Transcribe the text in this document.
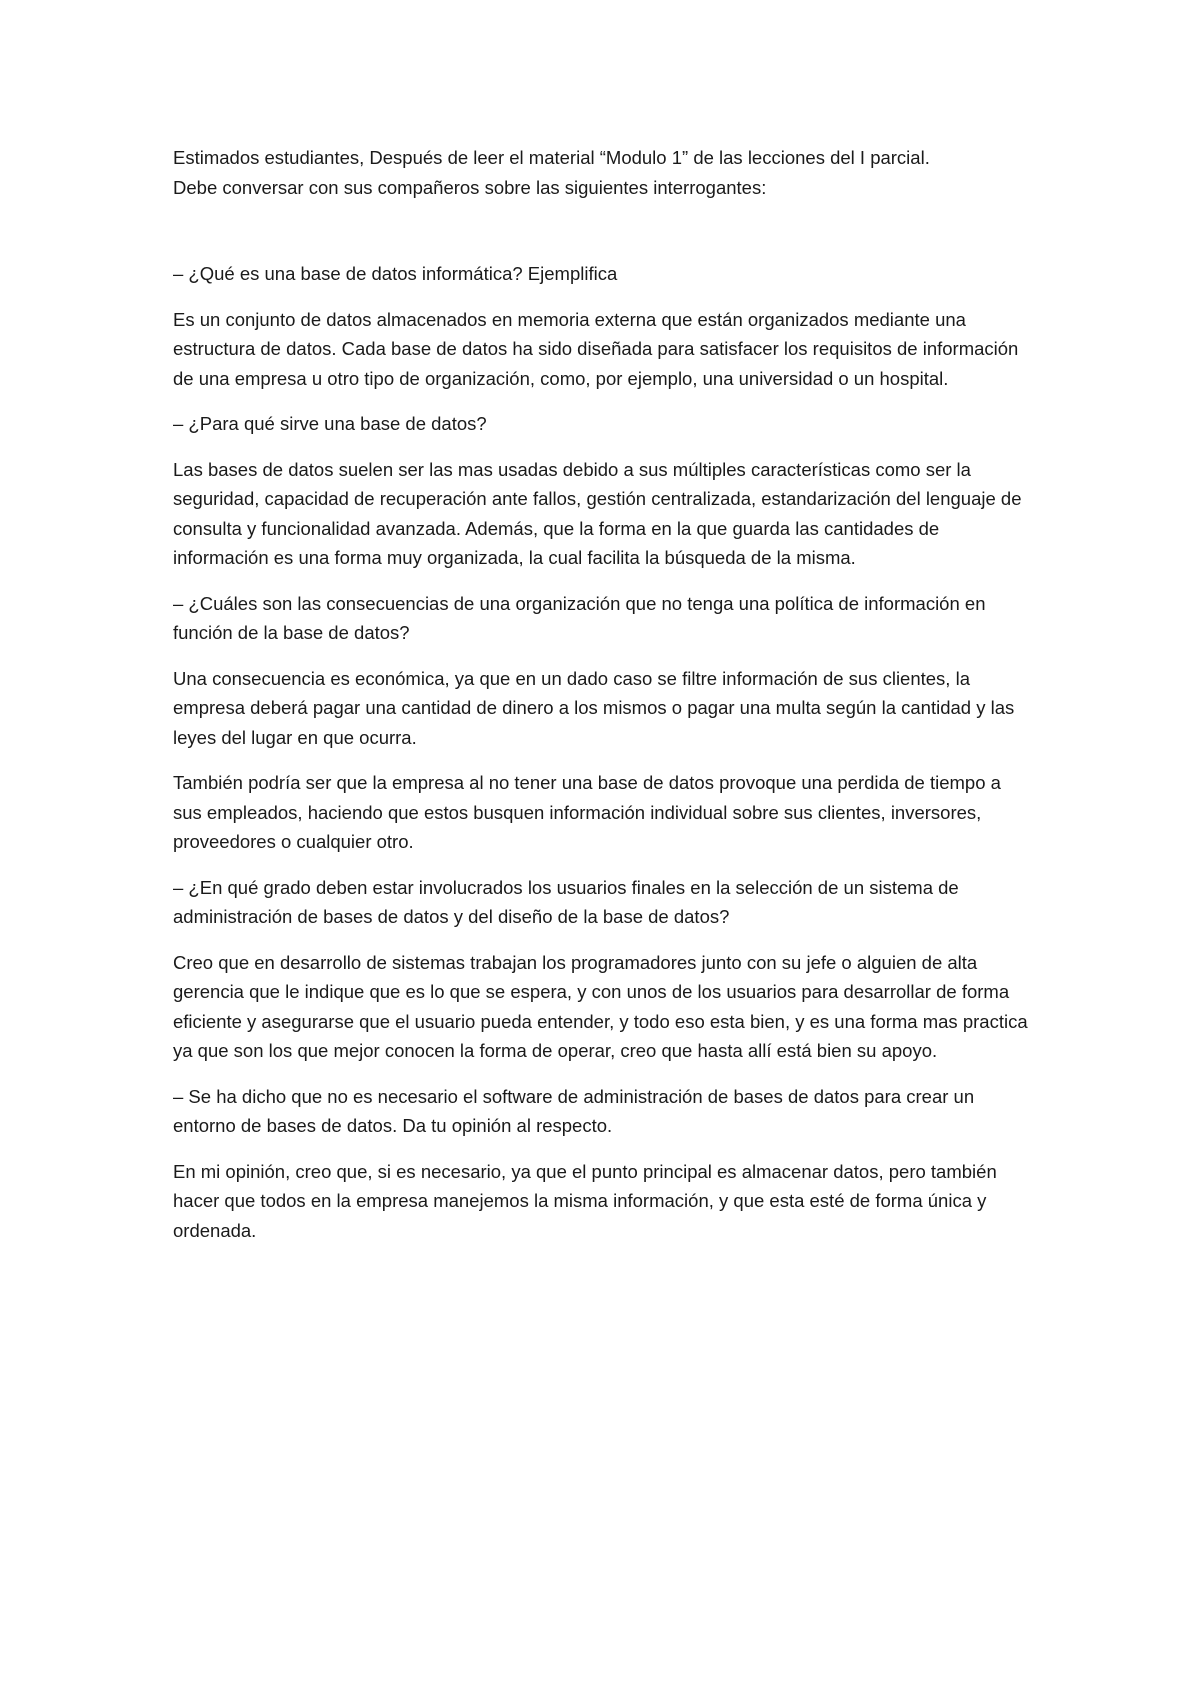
Estimados estudiantes, Después de leer el material “Modulo 1” de las lecciones del I parcial.
Debe conversar con sus compañeros sobre las siguientes interrogantes:

– ¿Qué es una base de datos informática? Ejemplifica

Es un conjunto de datos almacenados en memoria externa que están organizados mediante una estructura de datos. Cada base de datos ha sido diseñada para satisfacer los requisitos de información de una empresa u otro tipo de organización, como, por ejemplo, una universidad o un hospital.

– ¿Para qué sirve una base de datos?

Las bases de datos suelen ser las mas usadas debido a sus múltiples características como ser la seguridad, capacidad de recuperación ante fallos, gestión centralizada, estandarización del lenguaje de consulta y funcionalidad avanzada. Además, que la forma en la que guarda las cantidades de información es una forma muy organizada, la cual facilita la búsqueda de la misma.

– ¿Cuáles son las consecuencias de una organización que no tenga una política de información en función de la base de datos?

Una consecuencia es económica, ya que en un dado caso se filtre información de sus clientes, la empresa deberá pagar una cantidad de dinero a los mismos o pagar una multa según la cantidad y las leyes del lugar en que ocurra.

También podría ser que la empresa al no tener una base de datos provoque una perdida de tiempo a sus empleados, haciendo que estos busquen información individual sobre sus clientes, inversores, proveedores o cualquier otro.

– ¿En qué grado deben estar involucrados los usuarios finales en la selección de un sistema de administración de bases de datos y del diseño de la base de datos?

Creo que en desarrollo de sistemas trabajan los programadores junto con su jefe o alguien de alta gerencia que le indique que es lo que se espera, y con unos de los usuarios para desarrollar de forma eficiente y asegurarse que el usuario pueda entender, y todo eso esta bien, y es una forma mas practica ya que son los que mejor conocen la forma de operar, creo que hasta allí está bien su apoyo.

– Se ha dicho que no es necesario el software de administración de bases de datos para crear un entorno de bases de datos. Da tu opinión al respecto.

En mi opinión, creo que, si es necesario, ya que el punto principal es almacenar datos, pero también hacer que todos en la empresa manejemos la misma información, y que esta esté de forma única y ordenada.
